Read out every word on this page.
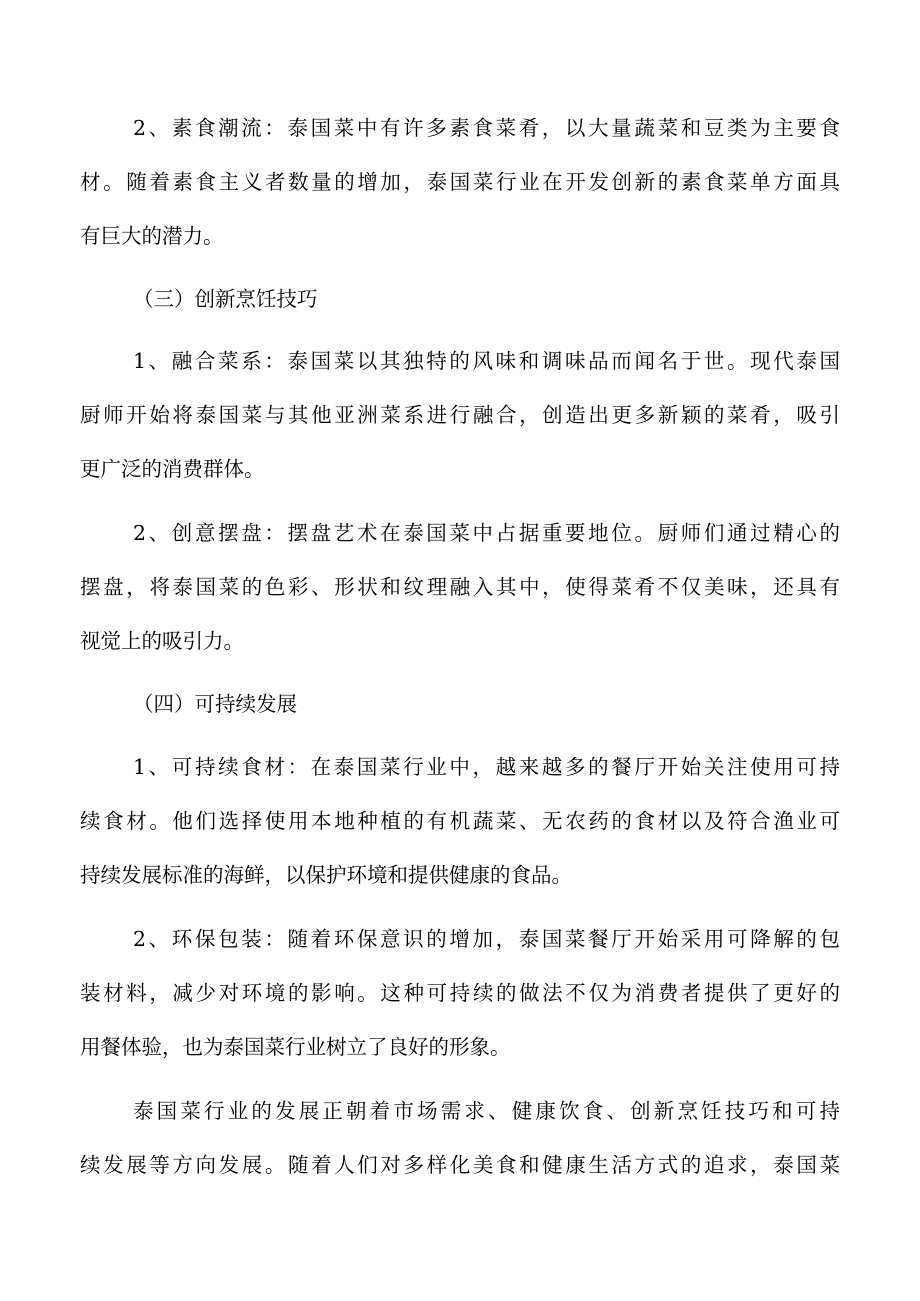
2、素食潮流：泰国菜中有许多素食菜肴，以大量蔬菜和豆类为主要食
材。随着素食主义者数量的增加，泰国菜行业在开发创新的素食菜单方面具
有巨大的潜力。
（三）创新烹饪技巧
1、融合菜系：泰国菜以其独特的风味和调味品而闻名于世。现代泰国
厨师开始将泰国菜与其他亚洲菜系进行融合，创造出更多新颖的菜肴，吸引
更广泛的消费群体。
2、创意摆盘：摆盘艺术在泰国菜中占据重要地位。厨师们通过精心的
摆盘，将泰国菜的色彩、形状和纹理融入其中，使得菜肴不仅美味，还具有
视觉上的吸引力。
（四）可持续发展
1、可持续食材：在泰国菜行业中，越来越多的餐厅开始关注使用可持
续食材。他们选择使用本地种植的有机蔬菜、无农药的食材以及符合渔业可
持续发展标准的海鲜，以保护环境和提供健康的食品。
2、环保包装：随着环保意识的增加，泰国菜餐厅开始采用可降解的包
装材料，减少对环境的影响。这种可持续的做法不仅为消费者提供了更好的
用餐体验，也为泰国菜行业树立了良好的形象。
泰国菜行业的发展正朝着市场需求、健康饮食、创新烹饪技巧和可持
续发展等方向发展。随着人们对多样化美食和健康生活方式的追求，泰国菜
